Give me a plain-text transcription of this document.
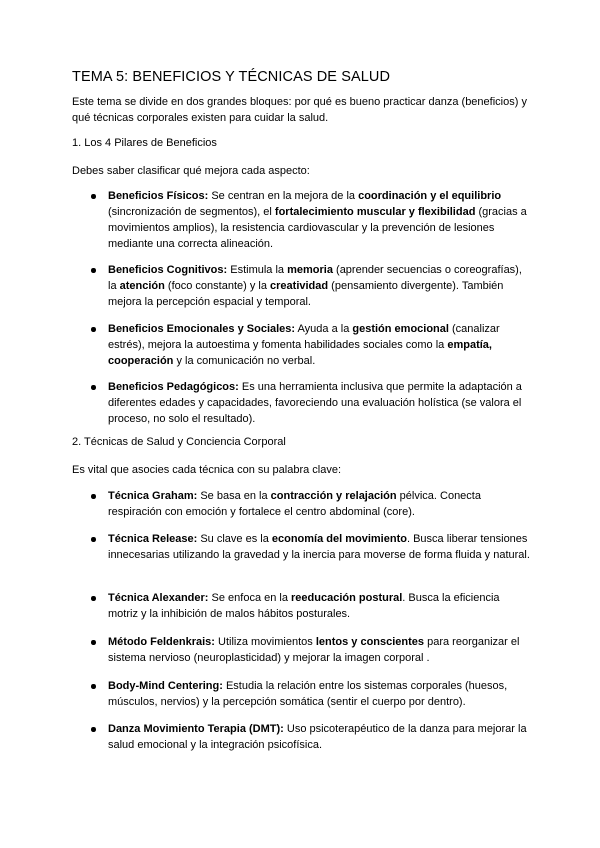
TEMA 5: BENEFICIOS Y TÉCNICAS DE SALUD

Este tema se divide en dos grandes bloques: por qué es bueno practicar danza (beneficios) y qué técnicas corporales existen para cuidar la salud.

1. Los 4 Pilares de Beneficios

Debes saber clasificar qué mejora cada aspecto:

Beneficios Físicos: Se centran en la mejora de la coordinación y el equilibrio (sincronización de segmentos), el fortalecimiento muscular y flexibilidad (gracias a movimientos amplios), la resistencia cardiovascular y la prevención de lesiones mediante una correcta alineación.
Beneficios Cognitivos: Estimula la memoria (aprender secuencias o coreografías), la atención (foco constante) y la creatividad (pensamiento divergente). También mejora la percepción espacial y temporal.
Beneficios Emocionales y Sociales: Ayuda a la gestión emocional (canalizar estrés), mejora la autoestima y fomenta habilidades sociales como la empatía, cooperación y la comunicación no verbal.
Beneficios Pedagógicos: Es una herramienta inclusiva que permite la adaptación a diferentes edades y capacidades, favoreciendo una evaluación holística (se valora el proceso, no solo el resultado).

2. Técnicas de Salud y Conciencia Corporal

Es vital que asocies cada técnica con su palabra clave:

Técnica Graham: Se basa en la contracción y relajación pélvica. Conecta respiración con emoción y fortalece el centro abdominal (core).
Técnica Release: Su clave es la economía del movimiento. Busca liberar tensiones innecesarias utilizando la gravedad y la inercia para moverse de forma fluida y natural.
Técnica Alexander: Se enfoca en la reeducación postural. Busca la eficiencia motriz y la inhibición de malos hábitos posturales.
Método Feldenkrais: Utiliza movimientos lentos y conscientes para reorganizar el sistema nervioso (neuroplasticidad) y mejorar la imagen corporal .
Body-Mind Centering: Estudia la relación entre los sistemas corporales (huesos, músculos, nervios) y la percepción somática (sentir el cuerpo por dentro).
Danza Movimiento Terapia (DMT): Uso psicoterapéutico de la danza para mejorar la salud emocional y la integración psicofísica.
